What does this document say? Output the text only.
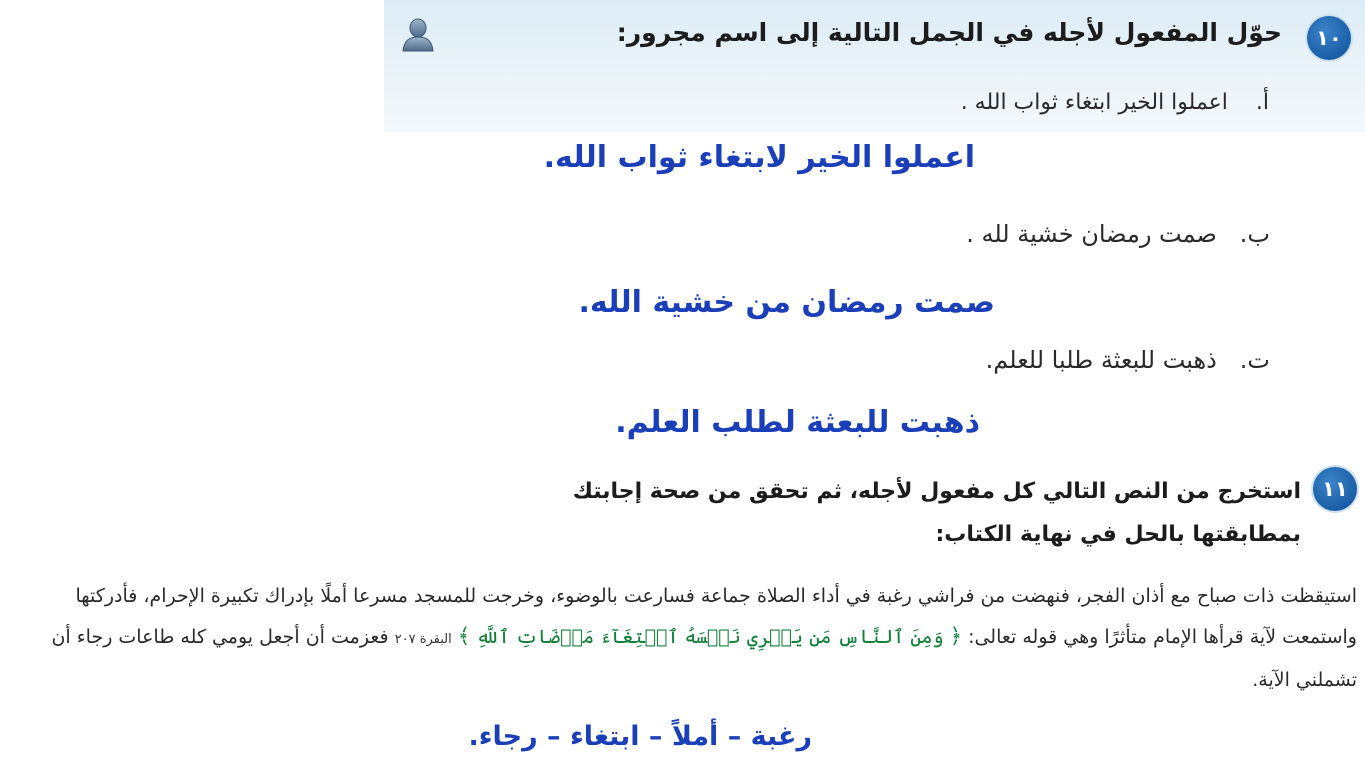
١٠
حوّل المفعول لأجله في الجمل التالية إلى اسم مجرور:
أ.    اعملوا الخير ابتغاء ثواب الله .
اعملوا الخير لابتغاء ثواب الله.
ب.   صمت رمضان خشية لله .
صمت رمضان من خشية الله.
ت.   ذهبت للبعثة طلبا للعلم.
ذهبت للبعثة لطلب العلم.
١١
استخرج من النص التالي كل مفعول لأجله، ثم تحقق من صحة إجابتك بمطابقتها بالحل في نهاية الكتاب:
استيقظت ذات صباح مع أذان الفجر، فنهضت من فراشي رغبة في أداء الصلاة جماعة فسارعت بالوضوء، وخرجت للمسجد مسرعا أملًا بإدراك تكبيرة الإحرام، فأدركتها واستمعت لآية قرأها الإمام متأثرًا وهي قوله تعالى: ﴿ وَمِنَ ٱلنَّاسِ مَن يَشۡرِي نَفۡسَهُ ٱبۡتِغَآءَ مَرۡضَاتِ ٱللَّهِ ﴾ البقرة ٢٠٧ فعزمت أن أجعل يومي كله طاعات رجاء أن تشملني الآية.
رغبة – أملاً – ابتغاء – رجاء.
